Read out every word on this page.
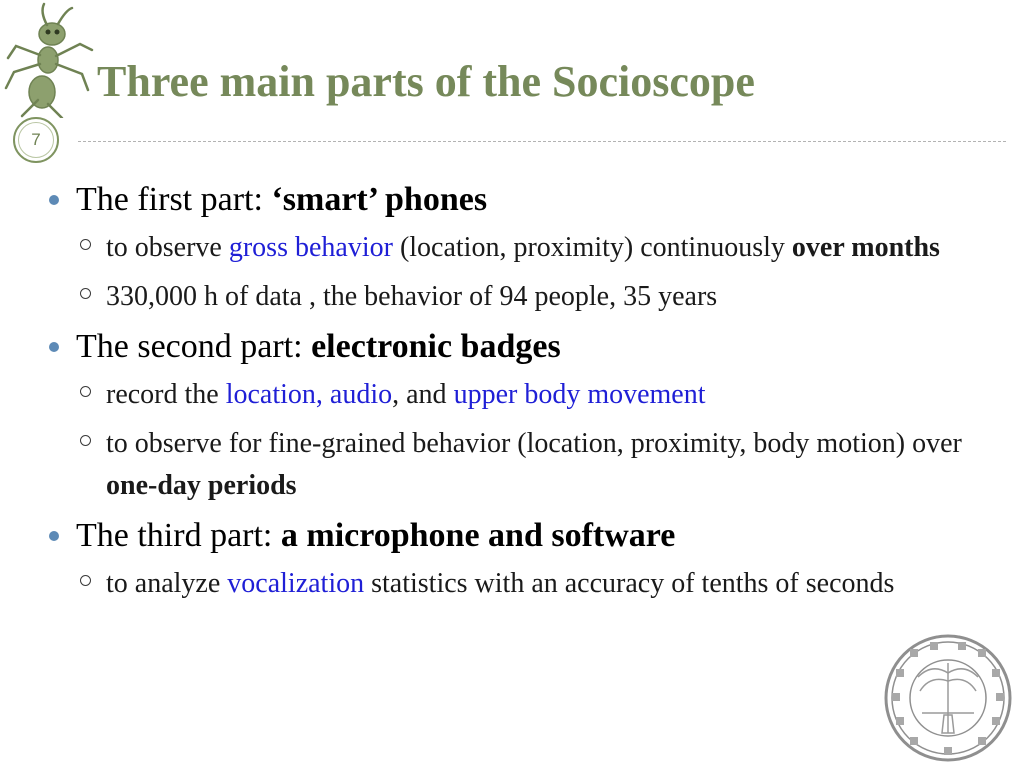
Three main parts of the Socioscope
7
The first part: ‘smart’ phones
to observe gross behavior (location, proximity) continuously over months
330,000 h of data , the behavior of 94 people, 35 years
The second part: electronic badges
record the location, audio, and upper body movement
to observe for fine-grained behavior (location, proximity, body motion) over one-day periods
The third part: a microphone and software
to analyze vocalization statistics with an accuracy of tenths of seconds
